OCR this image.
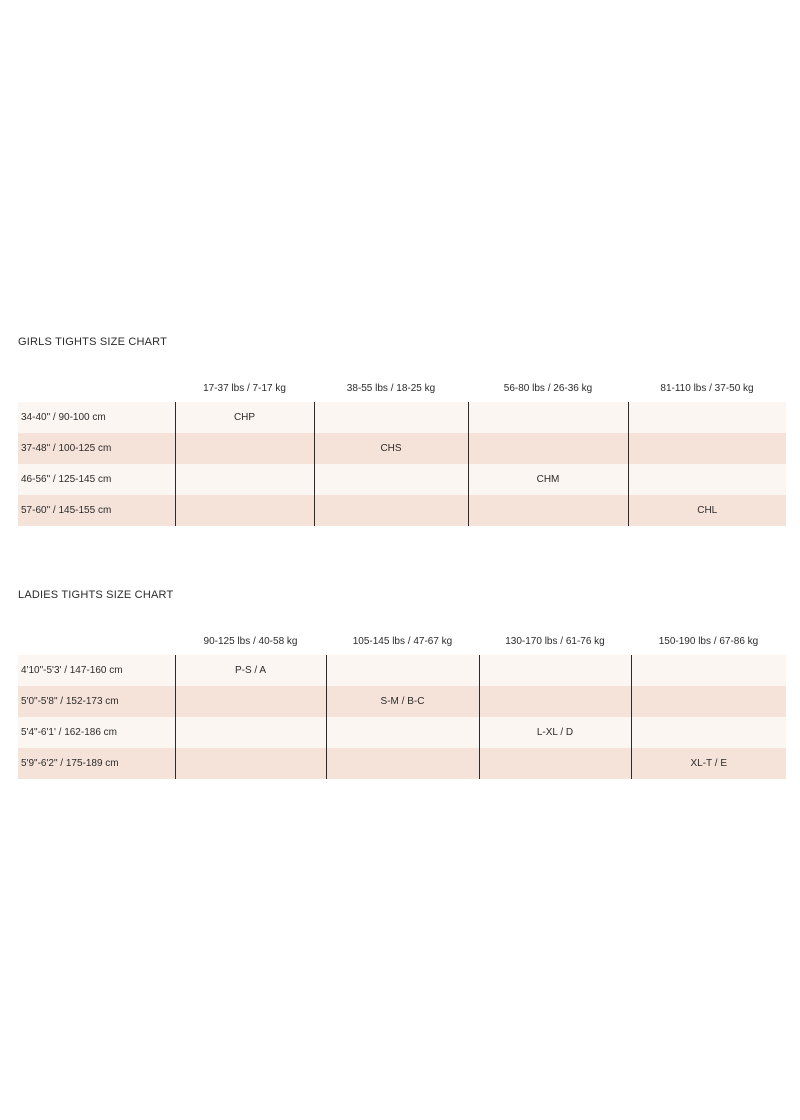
GIRLS TIGHTS SIZE CHART

	17-37 lbs / 7-17 kg	38-55 lbs / 18-25 kg	56-80 lbs / 26-36 kg	81-110 lbs / 37-50 kg
34-40" / 90-100 cm	CHP			
37-48" / 100-125 cm		CHS		
46-56" / 125-145 cm			CHM	
57-60" / 145-155 cm				CHL

LADIES TIGHTS SIZE CHART

	90-125 lbs / 40-58 kg	105-145 lbs / 47-67 kg	130-170 lbs / 61-76 kg	150-190 lbs / 67-86 kg
4'10"-5'3' / 147-160 cm	P-S / A			
5'0"-5'8" / 152-173 cm		S-M / B-C		
5'4"-6'1' / 162-186 cm			L-XL / D	
5'9"-6'2" / 175-189 cm				XL-T / E
